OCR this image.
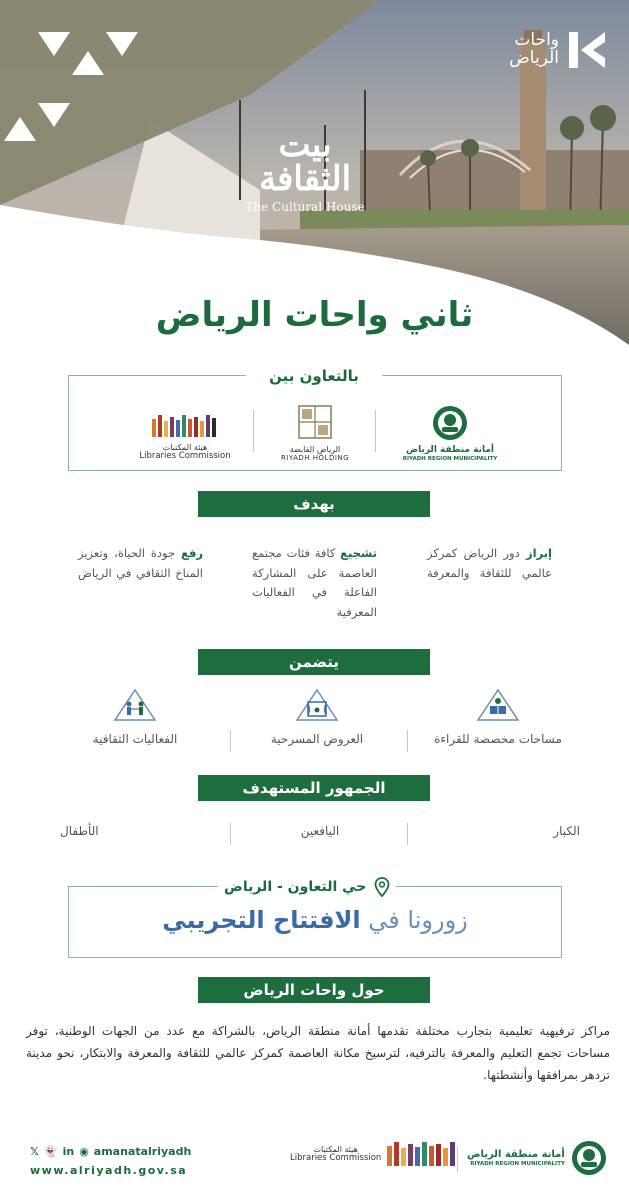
واحات
الرياض
بيت الثقافة
The Cultural House
ثاني واحات الرياض
بالتعاون بين
أمانة منطقة الرياض
RIYADH REGION MUNICIPALITY
الرياض القابضة
RIYADH HOLDING
هيئة المكتبات
Libraries Commission
بهدف
إبراز دور الرياض كمركز عالمي للثقافة والمعرفة
تشجيع كافة فئات مجتمع العاصمة على المشاركة الفاعلة في الفعاليات المعرفية
رفع جودة الحياة، وتعزيز المناخ الثقافي في الرياض
يتضمن
مساحات مخصصة للقراءة
العروض المسرحية
الفعاليات الثقافية
الجمهور المستهدف
الكبار
اليافعين
الأطفال
حي التعاون - الرياض
زورونا في الافتتاح التجريبي
حول واحات الرياض
مراكز ترفيهية تعليمية بتجارب مختلفة تقدمها أمانة منطقة الرياض، بالشراكة مع عدد من الجهات الوطنية، توفر مساحات تجمع التعليم والمعرفة بالترفيه، لترسيخ مكانة العاصمة كمركز عالمي للثقافة والمعرفة والابتكار، نحو مدينة تزدهر بمرافقها وأنشطتها.
𝕏 👻 in ◉ amanatalriyadh
www.alriyadh.gov.sa
هيئة المكتبات
Libraries Commission	أمانة منطقة الرياض
RIYADH REGION MUNICIPALITY
